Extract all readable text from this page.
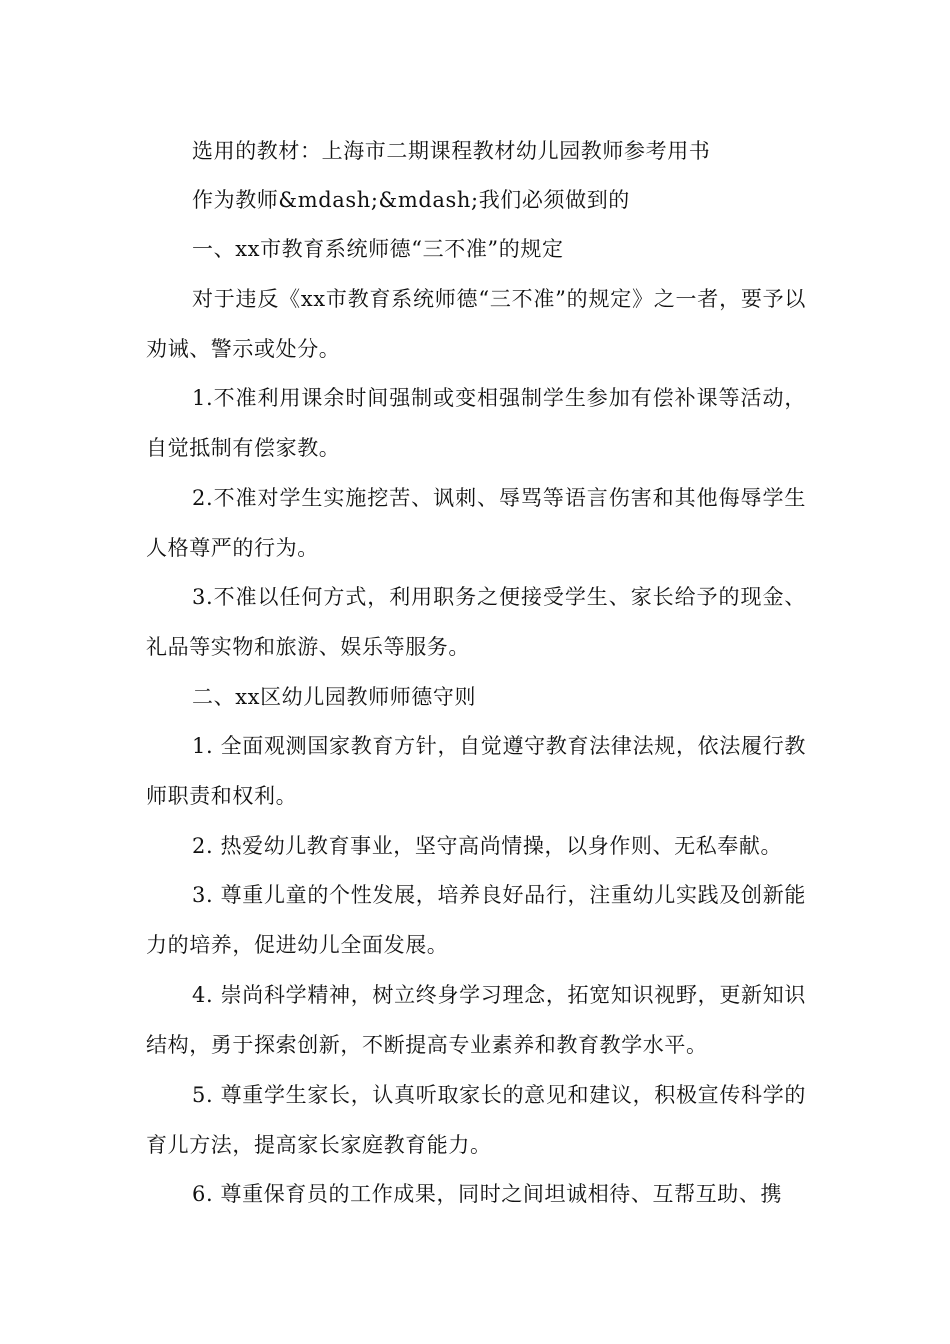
选用的教材：上海市二期课程教材幼儿园教师参考用书

作为教师&mdash;&mdash;我们必须做到的

一、xx市教育系统师德“三不准”的规定

对于违反《xx市教育系统师德“三不准”的规定》之一者，要予以劝诫、警示或处分。

1.不准利用课余时间强制或变相强制学生参加有偿补课等活动，自觉抵制有偿家教。

2.不准对学生实施挖苦、讽刺、辱骂等语言伤害和其他侮辱学生人格尊严的行为。

3.不准以任何方式，利用职务之便接受学生、家长给予的现金、礼品等实物和旅游、娱乐等服务。

二、xx区幼儿园教师师德守则

1. 全面观测国家教育方针，自觉遵守教育法律法规，依法履行教师职责和权利。

2. 热爱幼儿教育事业，坚守高尚情操，以身作则、无私奉献。

3. 尊重儿童的个性发展，培养良好品行，注重幼儿实践及创新能力的培养，促进幼儿全面发展。

4. 崇尚科学精神，树立终身学习理念，拓宽知识视野，更新知识结构，勇于探索创新，不断提高专业素养和教育教学水平。

5. 尊重学生家长，认真听取家长的意见和建议，积极宣传科学的育儿方法，提高家长家庭教育能力。

6. 尊重保育员的工作成果，同时之间坦诚相待、互帮互助、携
